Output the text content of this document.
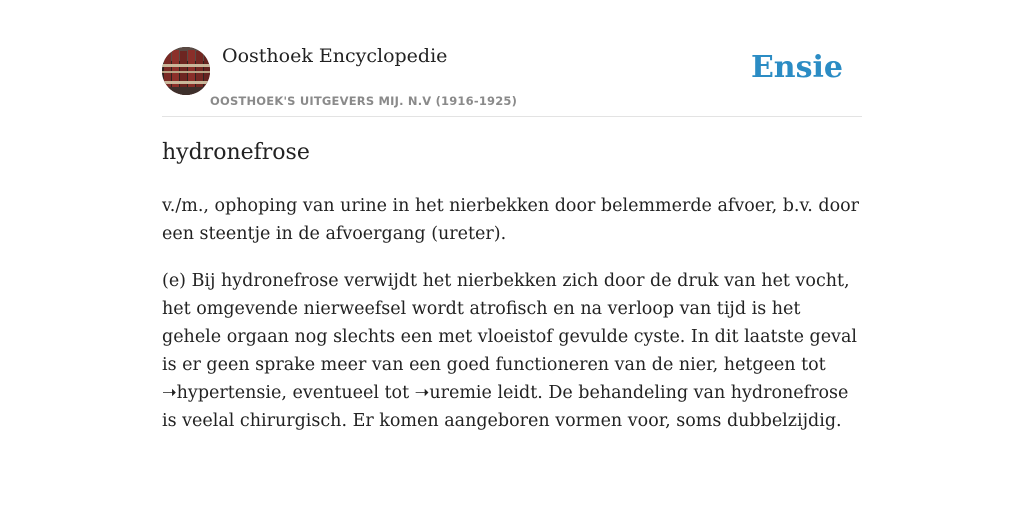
Oosthoek Encyclopedie
OOSTHOEK'S UITGEVERS MIJ. N.V (1916-1925)
Ensie
hydronefrose

v./m., ophoping van urine in het nierbekken door belemmerde afvoer, b.v. door een steentje in de afvoergang (ureter).

(e) Bij hydronefrose verwijdt het nierbekken zich door de druk van het vocht, het omgevende nierweefsel wordt atrofisch en na verloop van tijd is het gehele orgaan nog slechts een met vloeistof gevulde cyste. In dit laatste geval is er geen sprake meer van een goed functioneren van de nier, hetgeen tot ➝hypertensie, eventueel tot ➝uremie leidt. De behandeling van hydronefrose is veelal chirurgisch. Er komen aangeboren vormen voor, soms dubbelzijdig.
